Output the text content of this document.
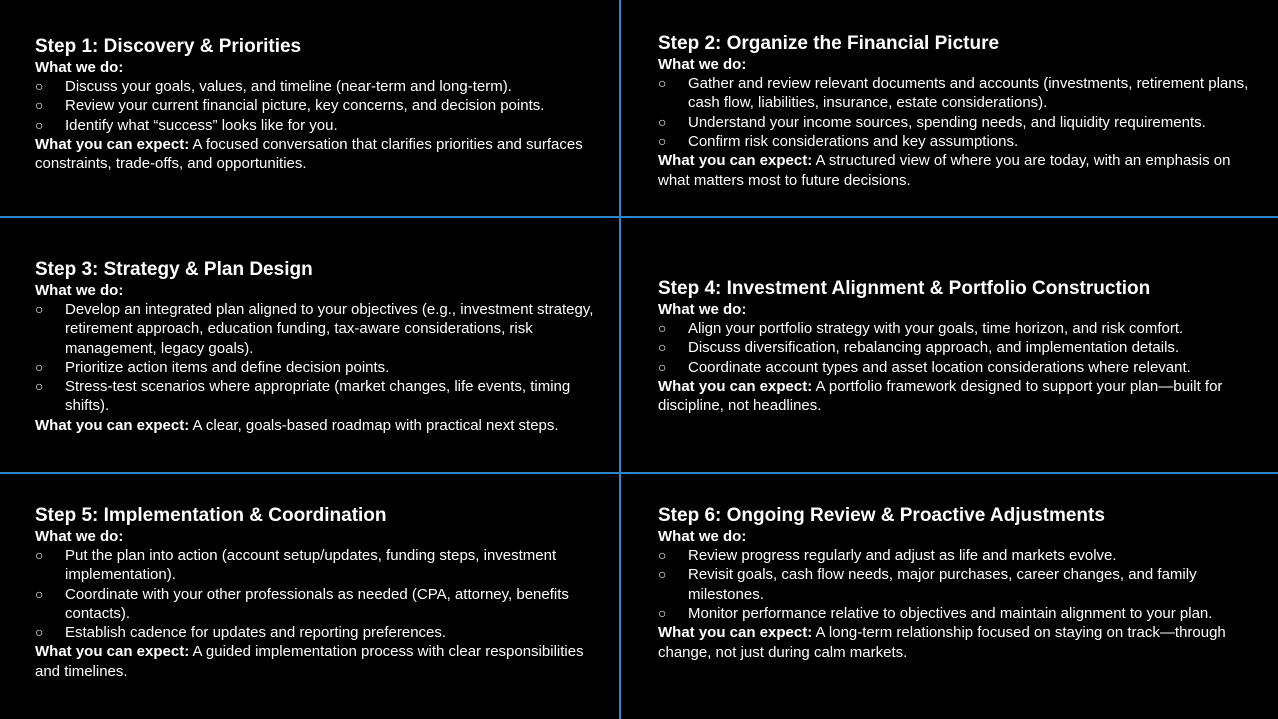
Step 1: Discovery & Priorities
What we do:
○ Discuss your goals, values, and timeline (near-term and long-term).
○ Review your current financial picture, key concerns, and decision points.
○ Identify what “success” looks like for you.
What you can expect: A focused conversation that clarifies priorities and surfaces constraints, trade-offs, and opportunities.
Step 2: Organize the Financial Picture
What we do:
○ Gather and review relevant documents and accounts (investments, retirement plans, cash flow, liabilities, insurance, estate considerations).
○ Understand your income sources, spending needs, and liquidity requirements.
○ Confirm risk considerations and key assumptions.
What you can expect: A structured view of where you are today, with an emphasis on what matters most to future decisions.
Step 3: Strategy & Plan Design
What we do:
○ Develop an integrated plan aligned to your objectives (e.g., investment strategy, retirement approach, education funding, tax-aware considerations, risk management, legacy goals).
○ Prioritize action items and define decision points.
○ Stress-test scenarios where appropriate (market changes, life events, timing shifts).
What you can expect: A clear, goals-based roadmap with practical next steps.
Step 4: Investment Alignment & Portfolio Construction
What we do:
○ Align your portfolio strategy with your goals, time horizon, and risk comfort.
○ Discuss diversification, rebalancing approach, and implementation details.
○ Coordinate account types and asset location considerations where relevant.
What you can expect: A portfolio framework designed to support your plan—built for discipline, not headlines.
Step 5: Implementation & Coordination
What we do:
○ Put the plan into action (account setup/updates, funding steps, investment implementation).
○ Coordinate with your other professionals as needed (CPA, attorney, benefits contacts).
○ Establish cadence for updates and reporting preferences.
What you can expect: A guided implementation process with clear responsibilities and timelines.
Step 6: Ongoing Review & Proactive Adjustments
What we do:
○ Review progress regularly and adjust as life and markets evolve.
○ Revisit goals, cash flow needs, major purchases, career changes, and family milestones.
○ Monitor performance relative to objectives and maintain alignment to your plan.
What you can expect: A long-term relationship focused on staying on track—through change, not just during calm markets.
